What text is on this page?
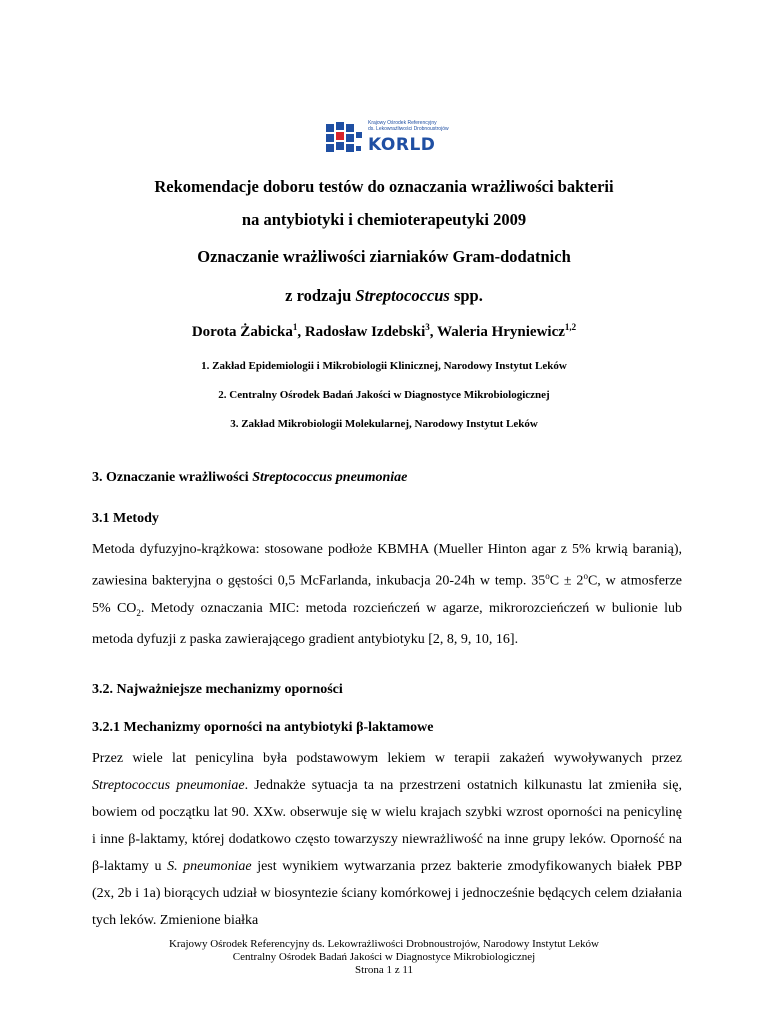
Krajowy Ośrodek Referencyjny
ds. Lekowrażliwości Drobnoustrojów
KORLD
Rekomendacje doboru testów do oznaczania wrażliwości bakterii
na antybiotyki i chemioterapeutyki 2009
Oznaczanie wrażliwości ziarniaków Gram-dodatnich
z rodzaju Streptococcus spp.
Dorota Żabicka$^1$, Radosław Izdebski$^3$, Waleria Hryniewicz$^{1,2}$
1. Zakład Epidemiologii i Mikrobiologii Klinicznej, Narodowy Instytut Leków
2. Centralny Ośrodek Badań Jakości w Diagnostyce Mikrobiologicznej
3. Zakład Mikrobiologii Molekularnej, Narodowy Instytut Leków
3. Oznaczanie wrażliwości Streptococcus pneumoniae
3.1 Metody

Metoda dyfuzyjno-krążkowa: stosowane podłoże KBMHA (Mueller Hinton agar z 5% krwią baranią), zawiesina bakteryjna o gęstości 0,5 McFarlanda, inkubacja 20-24h w temp. $35^oC \pm 2^oC$, w atmosferze 5% $CO_2$. Metody oznaczania MIC: metoda rozcieńczeń w agarze, mikrorozcieńczeń w bulionie lub metoda dyfuzji z paska zawierającego gradient antybiotyku [2, 8, 9, 10, 16].

3.2. Najważniejsze mechanizmy oporności
3.2.1 Mechanizmy oporności na antybiotyki β-laktamowe

Przez wiele lat penicylina była podstawowym lekiem w terapii zakażeń wywoływanych przez Streptococcus pneumoniae. Jednakże sytuacja ta na przestrzeni ostatnich kilkunastu lat zmieniła się, bowiem od początku lat 90. XXw. obserwuje się w wielu krajach szybki wzrost oporności na penicylinę i inne β-laktamy, której dodatkowo często towarzyszy niewrażliwość na inne grupy leków. Oporność na β-laktamy u S. pneumoniae jest wynikiem wytwarzania przez bakterie zmodyfikowanych białek PBP (2x, 2b i 1a) biorących udział w biosyntezie ściany komórkowej i jednocześnie będących celem działania tych leków. Zmienione białka

Krajowy Ośrodek Referencyjny ds. Lekowrażliwości Drobnoustrojów, Narodowy Instytut Leków
Centralny Ośrodek Badań Jakości w Diagnostyce Mikrobiologicznej
Strona 1 z 11
